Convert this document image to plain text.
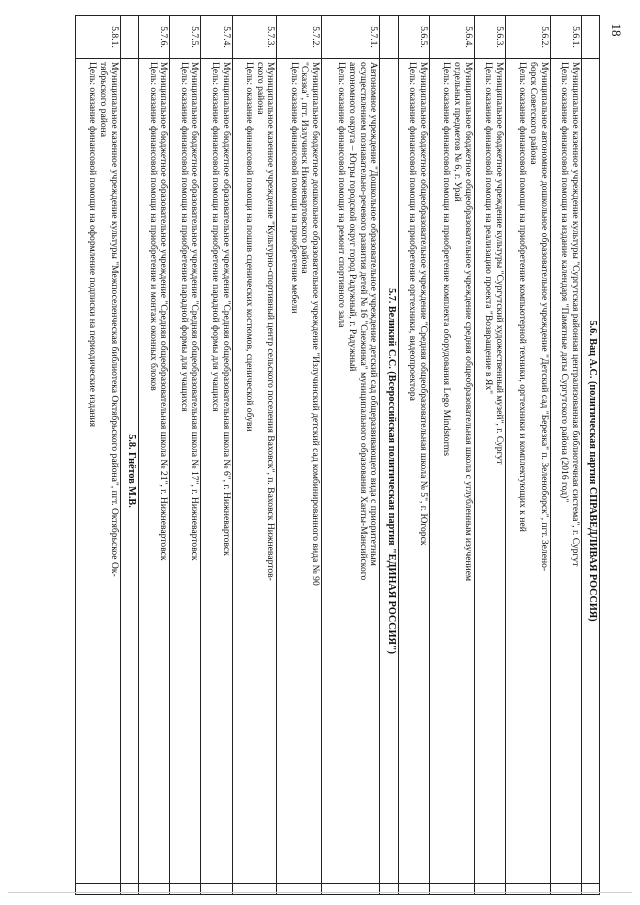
18
	5.6. Вац А.С. (политическая партия СПРАВЕДЛИВАЯ РОССИЯ)	
5.6.1.	Муниципальное казенное учреждение культуры "Сургутская районная централизованная библиотечная система", г. Сургут
Цель: оказание финансовой помощи на издание календаря "Памятные даты Сургутского района (2016 год)"	

5.6.2.	Муниципальное автономное дошкольное образовательное учреждение "Детский сад "Березка" п. Зеленоборск", пгт. Зелено-
борск Советского района
Цель: оказание финансовой помощи на приобретение компьютерной техники, оргтехники и комплектующих к ней	

5.6.3.	Муниципальное бюджетное учреждение культуры "Сургутский художественный музей", г. Сургут
Цель: оказание финансовой помощи на реализацию проекта "Возвращение в Ях"	

5.6.4.	Муниципальное бюджетное общеобразовательное учреждение средняя общеобразовательная школа с углубленным изучением
отдельных предметов № 6, г. Урай
Цель: оказание финансовой помощи на приобретение комплекта оборудования Lego Mindstorms	

5.6.5.	Муниципальное бюджетное общеобразовательное учреждение "Средняя общеобразовательная школа № 5", г. Югорск
Цель: оказание финансовой помощи на приобретение оргтехники, видеопроектора	

	5.7. Великий С.С. (Всероссийская политическая партия "ЕДИНАЯ РОССИЯ")	
5.7.1.	Автономное учреждение "Дошкольное образовательное учреждение детский сад общеразвивающего вида с приоритетным
осуществлением познавательно-речевого развития детей № 16 "Снежинка" муниципального образования Ханты-Мансийского
автономного округа – Югры городской округ город Радужный, г. Радужный
Цель: оказание финансовой помощи на ремонт спортивного зала	

5.7.2.	Муниципальное бюджетное дошкольное образовательное учреждение "Излучинский детский сад комбинированного вида № 90
"Сказка", пгт. Излучинск Нижневартовского района
Цель: оказание финансовой помощи на приобретение мебели	

5.7.3.	Муниципальное казенное учреждение "Культурно-спортивный центр сельского поселения Ваховск", п. Ваховск Нижневартов-
ского района
Цель: оказание финансовой помощи на пошив сценических костюмов, сценической обуви	

5.7.4.	Муниципальное бюджетное образовательное учреждение "Средняя общеобразовательная школа № 6", г. Нижневартовск
Цель: оказание финансовой помощи на приобретение парадной формы для учащихся	

5.7.5.	Муниципальное бюджетное образовательное учреждение "Средняя общеобразовательная школа № 17", г. Нижневартовск
Цель: оказание финансовой помощи на приобретение парадной формы для учащихся	

5.7.6.	Муниципальное бюджетное образовательное учреждение "Средняя общеобразовательная школа № 21", г. Нижневартовск
Цель: оказание финансовой помощи на приобретение и монтаж оконных блоков	

	5.8. Гнётов М.В.	
5.8.1.	Муниципальное казенное учреждение культуры "Межпоселенческая библиотека Октябрьского района", пгт. Октябрьское Ок-
тябрьского района
Цель: оказание финансовой помощи на оформление подписки на периодические издания	
